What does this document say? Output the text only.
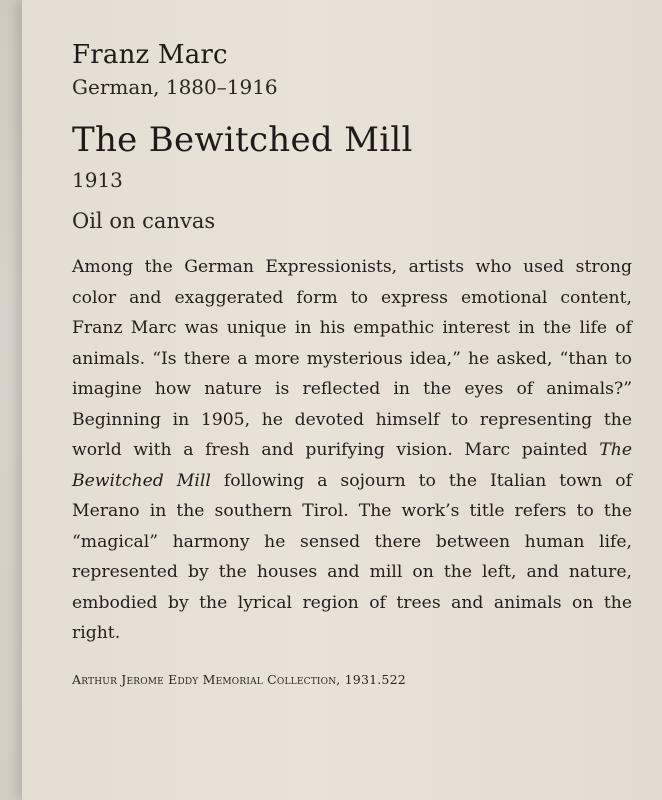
Franz Marc
German, 1880–1916
The Bewitched Mill
1913
Oil on canvas
Among the German Expressionists, artists who used strong color and exaggerated form to express emotional content, Franz Marc was unique in his empathic interest in the life of animals. “Is there a more mysterious idea,” he asked, “than to imagine how nature is reflected in the eyes of animals?” Beginning in 1905, he devoted himself to representing the world with a fresh and purifying vision. Marc painted The Bewitched Mill following a sojourn to the Italian town of Merano in the southern Tirol. The work’s title refers to the “magical” harmony he sensed there between human life, represented by the houses and mill on the left, and nature, embodied by the lyrical region of trees and animals on the right.
Arthur Jerome Eddy Memorial Collection, 1931.522
